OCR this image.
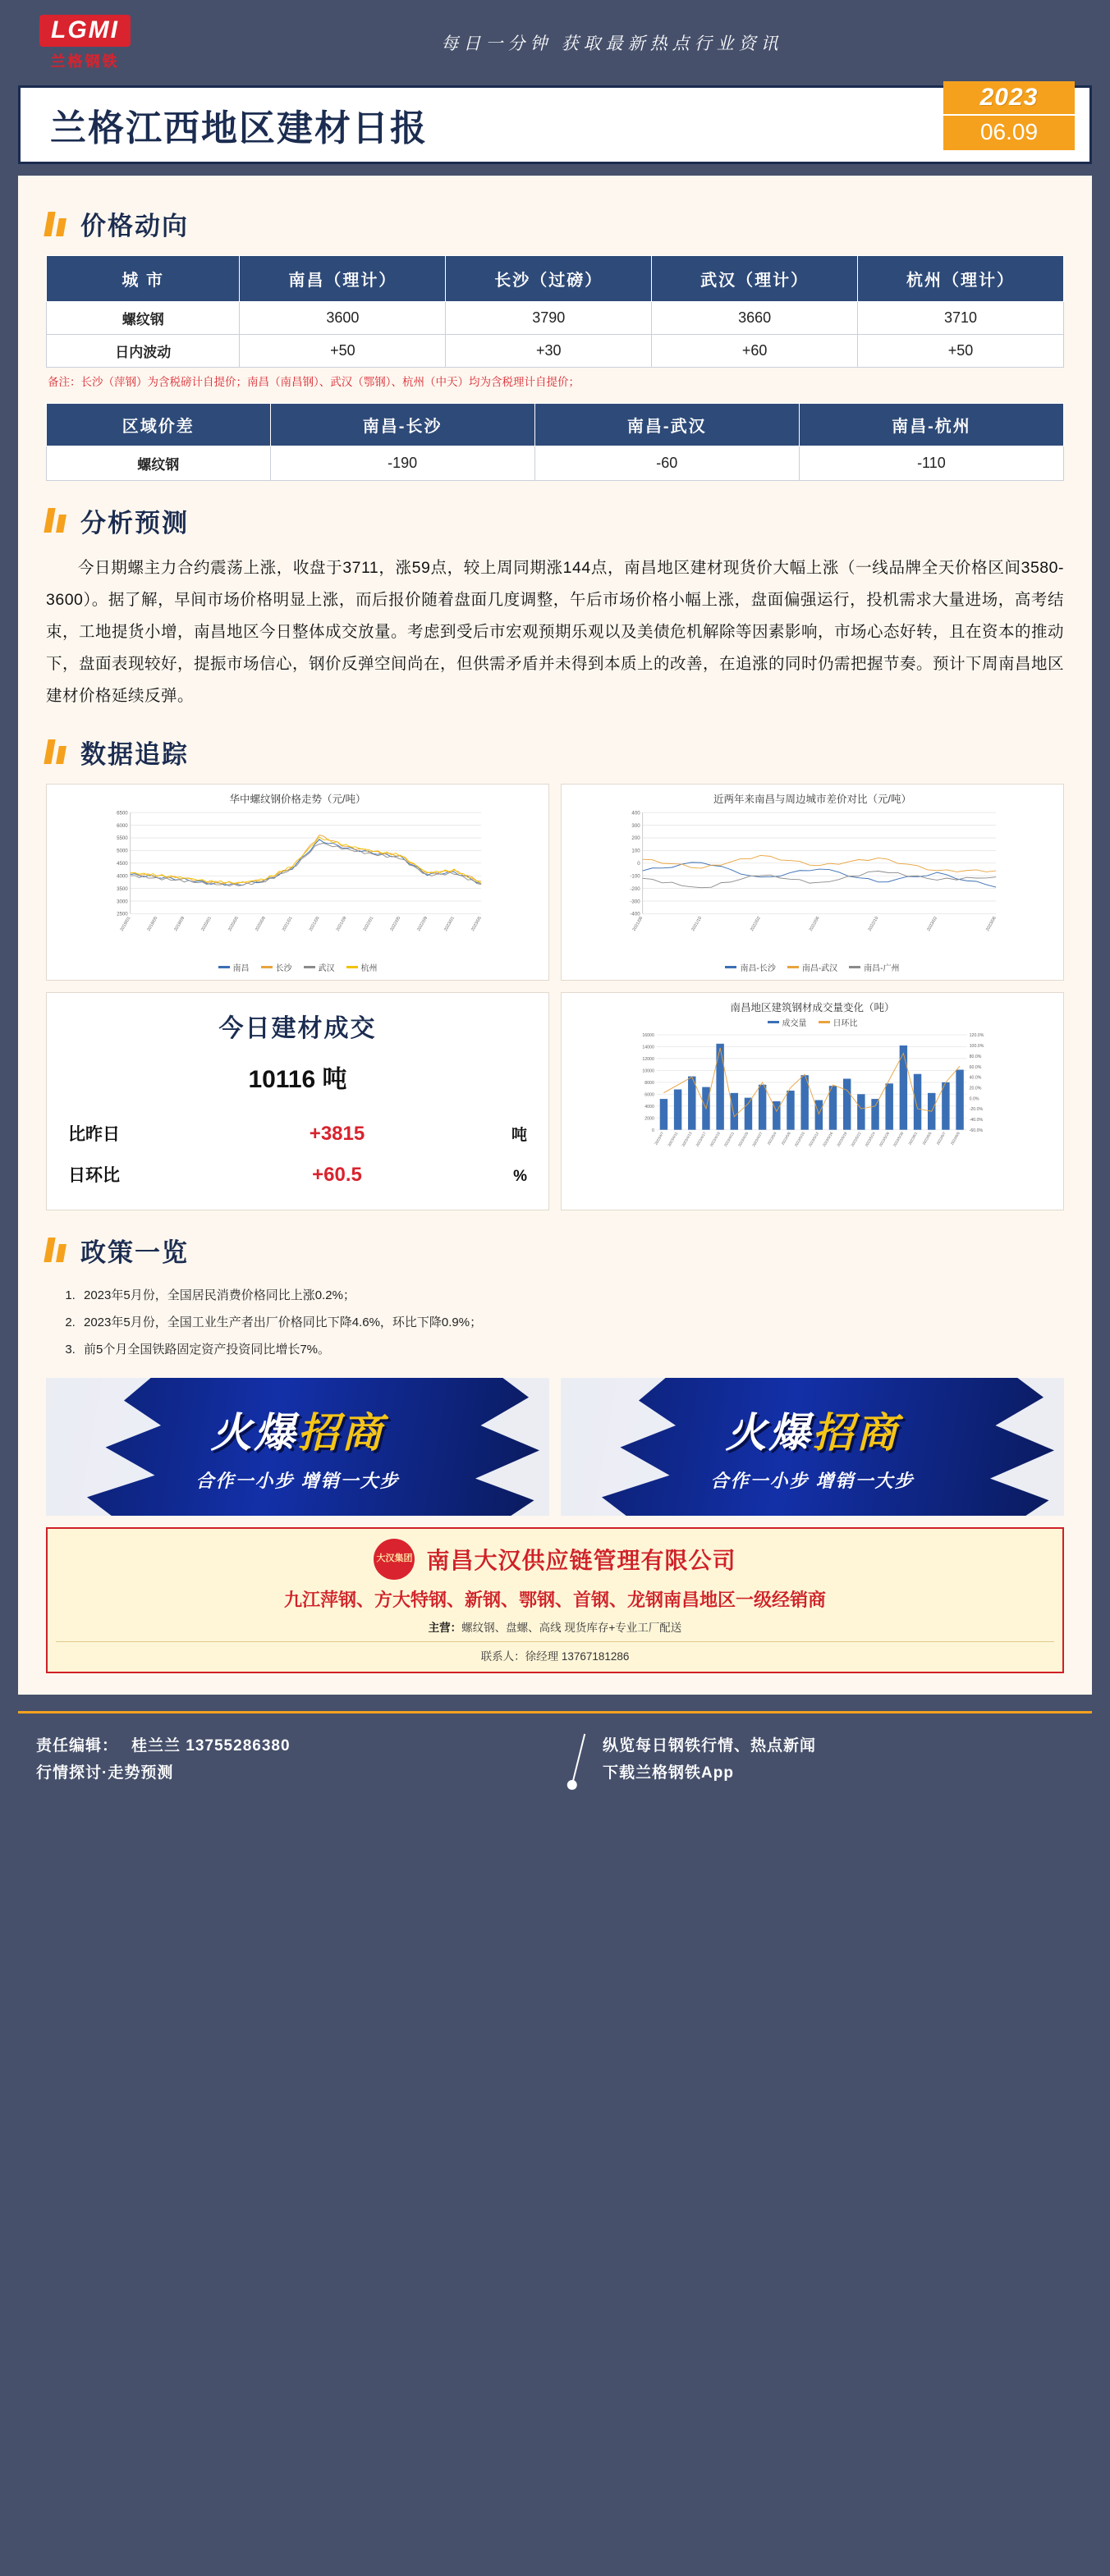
LGMI
兰格钢铁
每日一分钟 获取最新热点行业资讯
兰格江西地区建材日报
2023
06.09
价格动向
城 市	南昌（理计）	长沙（过磅）	武汉（理计）	杭州（理计）
螺纹钢	3600	3790	3660	3710
日内波动	+50	+30	+60	+50
备注：长沙（萍钢）为含税磅计自提价；南昌（南昌钢）、武汉（鄂钢）、杭州（中天）均为含税理计自提价；
区域价差	南昌-长沙	南昌-武汉	南昌-杭州
螺纹钢	-190	-60	-110
分析预测

今日期螺主力合约震荡上涨，收盘于3711，涨59点，较上周同期涨144点，南昌地区建材现货价大幅上涨（一线品牌全天价格区间3580-3600）。据了解，早间市场价格明显上涨，而后报价随着盘面几度调整，午后市场价格小幅上涨，盘面偏强运行，投机需求大量进场，高考结束，工地提货小增，南昌地区今日整体成交放量。考虑到受后市宏观预期乐观以及美债危机解除等因素影响，市场心态好转，且在资本的推动下，盘面表现较好，提振市场信心，钢价反弹空间尚在，但供需矛盾并未得到本质上的改善，在追涨的同时仍需把握节奏。预计下周南昌地区建材价格延续反弹。

数据追踪
华中螺纹钢价格走势（元/吨）
2500
3000
3500
4000
4500
5000
5500
6000
6500
2019/01	2019/05	2019/09	2020/01	2020/05	2020/09	2021/01	2021/05	2021/09	2022/01	2022/05	2022/09	2023/01	2023/05
南昌	长沙	武汉	杭州
近两年来南昌与周边城市差价对比（元/吨）
-400
-300
-200
-100
0
100
200
300
400
2021/06	2021/10	2022/02	2022/06	2022/10	2023/02	2023/06
南昌-长沙	南昌-武汉	南昌-广州
今日建材成交
10116 吨
比昨日	+3815	吨
日环比	+60.5	%
南昌地区建筑钢材成交量变化（吨）
成交量	日环比
0
2000
4000
6000
8000
10000
12000
14000
16000
-60.0%
-40.0%
-20.0%
0.0%
20.0%
40.0%
60.0%
80.0%
100.0%
120.0%
2023/4/7 2023/4/11 2023/4/13 2023/4/17 2023/4/19 2023/4/21 2023/4/25 2023/4/27 2023/5/4 2023/5/8 2023/5/10 2023/5/12 2023/5/16 2023/5/18 2023/5/22 2023/5/24 2023/5/26 2023/5/30 2023/6/1 2023/6/5 2023/6/7 2023/6/9
政策一览
1. 2023年5月份，全国居民消费价格同比上涨0.2%；
2. 2023年5月份，全国工业生产者出厂价格同比下降4.6%，环比下降0.9%；
3. 前5个月全国铁路固定资产投资同比增长7%。
火爆招商
合作一小步 增销一大步
火爆招商
合作一小步 增销一大步
大汉集团 南昌大汉供应链管理有限公司
九江萍钢、方大特钢、新钢、鄂钢、首钢、龙钢南昌地区一级经销商
主营：螺纹钢、盘螺、高线 现货库存+专业工厂配送
联系人：徐经理 13767181286
责任编辑： 桂兰兰 13755286380
行情探讨·走势预测
纵览每日钢铁行情、热点新闻
下载兰格钢铁App
